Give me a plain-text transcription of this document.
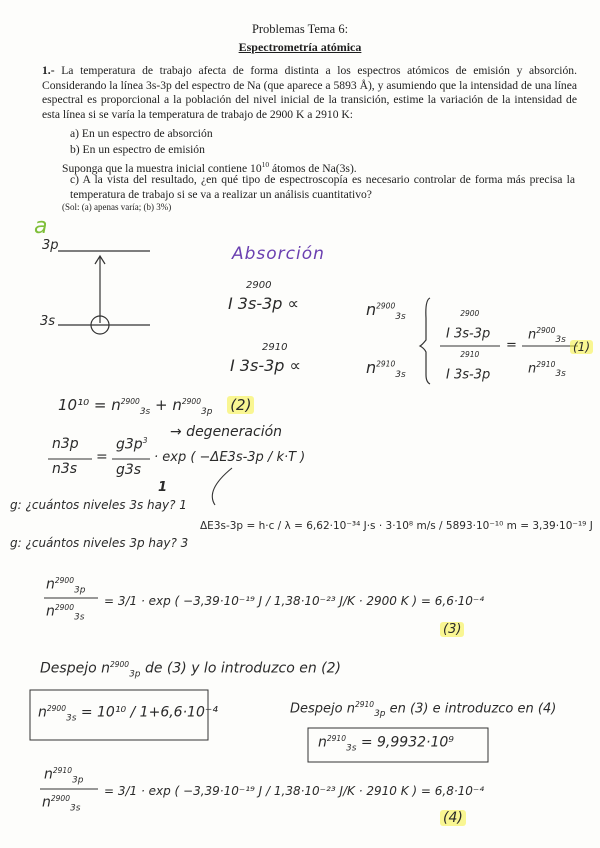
Problemas Tema 6:
Espectrometría atómica
1.- La temperatura de trabajo afecta de forma distinta a los espectros atómicos de emisión y absorción. Considerando la línea 3s-3p del espectro de Na (que aparece a 5893 Å), y asumiendo que la intensidad de una línea espectral es proporcional a la población del nivel inicial de la transición, estime la variación de la intensidad de esta línea si se varía la temperatura de trabajo de 2900 K a 2910 K:
a) En un espectro de absorción
b) En un espectro de emisión
Suponga que la muestra inicial contiene $10^{10}$ átomos de Na(3s).
c) A la vista del resultado, ¿en qué tipo de espectroscopía es necesario controlar de forma más precisa la temperatura de trabajo si se va a realizar un análisis cuantitativo?
(Sol: (a) apenas varía; (b) 3%)
a
3p
3s
Absorción
2900
I 3s-3p ∝	$n^{2900}_{3s}$
2910
I 3s-3p ∝	$n^{2910}_{3s}$
I $3s-3p^{2900}$
I $3s-3p^{2910}$
=
$n^{2900}_{3s}$
$n^{2910}_{3s}$
(1)
$10^{10} = n^{2900}_{3s} + n^{2900}_{3p}$ (2)
n3p
n3s
=
$g3p^3$
g3s
1
· exp ( −ΔE3s-3p / k·T )
→ degeneración
g: ¿cuántos niveles 3s hay? 1
g: ¿cuántos niveles 3p hay? 3
ΔE3s-3p = h·c / λ = 6,62·10⁻³⁴ J·s · 3·10⁸ m/s / 5893·10⁻¹⁰ m = 3,39·10⁻¹⁹ J
$n^{2900}_{3p}$
$n^{2900}_{3s}$
= 3/1 · exp ( −3,39·10⁻¹⁹ J / 1,38·10⁻²³ J/K · 2900 K ) = 6,6·10⁻⁴
(3)
Despejo $n^{2900}_{3p}$ de (3) y lo introduzco en (2)
$n^{2900}_{3s} = 10^{10} / 1+6,6\cdot 10^{-4}$	Despejo $n^{2910}_{3p}$ en (3) e introduzco en (4)
$n^{2910}_{3s} = 9,9932\cdot 10^9$
$n^{2910}_{3p}$
$n^{2900}_{3s}$
= 3/1 · exp ( −3,39·10⁻¹⁹ J / 1,38·10⁻²³ J/K · 2910 K ) = 6,8·10⁻⁴
(4)
